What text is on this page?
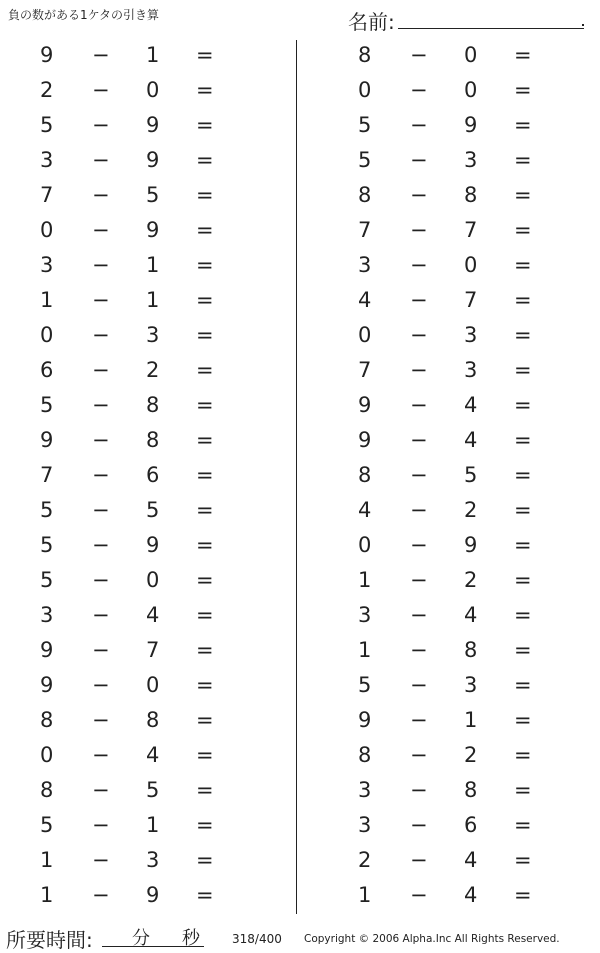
負の数がある1ケタの引き算	名前:
9 − 1 =
2 − 0 =
5 − 9 =
3 − 9 =
7 − 5 =
0 − 9 =
3 − 1 =
1 − 1 =
0 − 3 =
6 − 2 =
5 − 8 =
9 − 8 =
7 − 6 =
5 − 5 =
5 − 9 =
5 − 0 =
3 − 4 =
9 − 7 =
9 − 0 =
8 − 8 =
0 − 4 =
8 − 5 =
5 − 1 =
1 − 3 =
1 − 9 =
8 − 0 =
0 − 0 =
5 − 9 =
5 − 3 =
8 − 8 =
7 − 7 =
3 − 0 =
4 − 7 =
0 − 3 =
7 − 3 =
9 − 4 =
9 − 4 =
8 − 5 =
4 − 2 =
0 − 9 =
1 − 2 =
3 − 4 =
1 − 8 =
5 − 3 =
9 − 1 =
8 − 2 =
3 − 8 =
3 − 6 =
2 − 4 =
1 − 4 =
所要時間: 分 秒	318/400 Copyright © 2006 Alpha.Inc All Rights Reserved.
